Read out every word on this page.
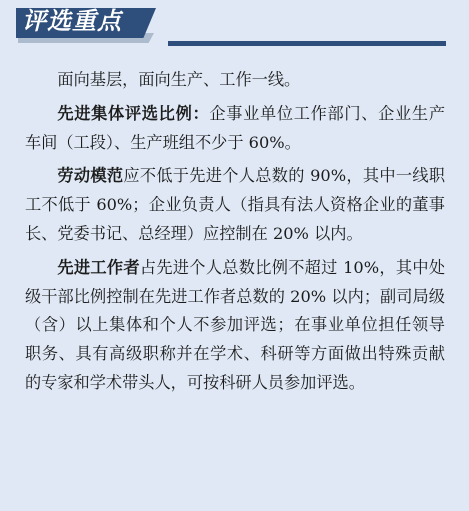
评选重点

面向基层，面向生产、工作一线。

先进集体评选比例：企事业单位工作部门、企业生产车间（工段）、生产班组不少于 60%。

劳动模范应不低于先进个人总数的 90%，其中一线职工不低于 60%；企业负责人（指具有法人资格企业的董事长、党委书记、总经理）应控制在 20% 以内。

先进工作者占先进个人总数比例不超过 10%，其中处级干部比例控制在先进工作者总数的 20% 以内；副司局级（含）以上集体和个人不参加评选；在事业单位担任领导职务、具有高级职称并在学术、科研等方面做出特殊贡献的专家和学术带头人，可按科研人员参加评选。
